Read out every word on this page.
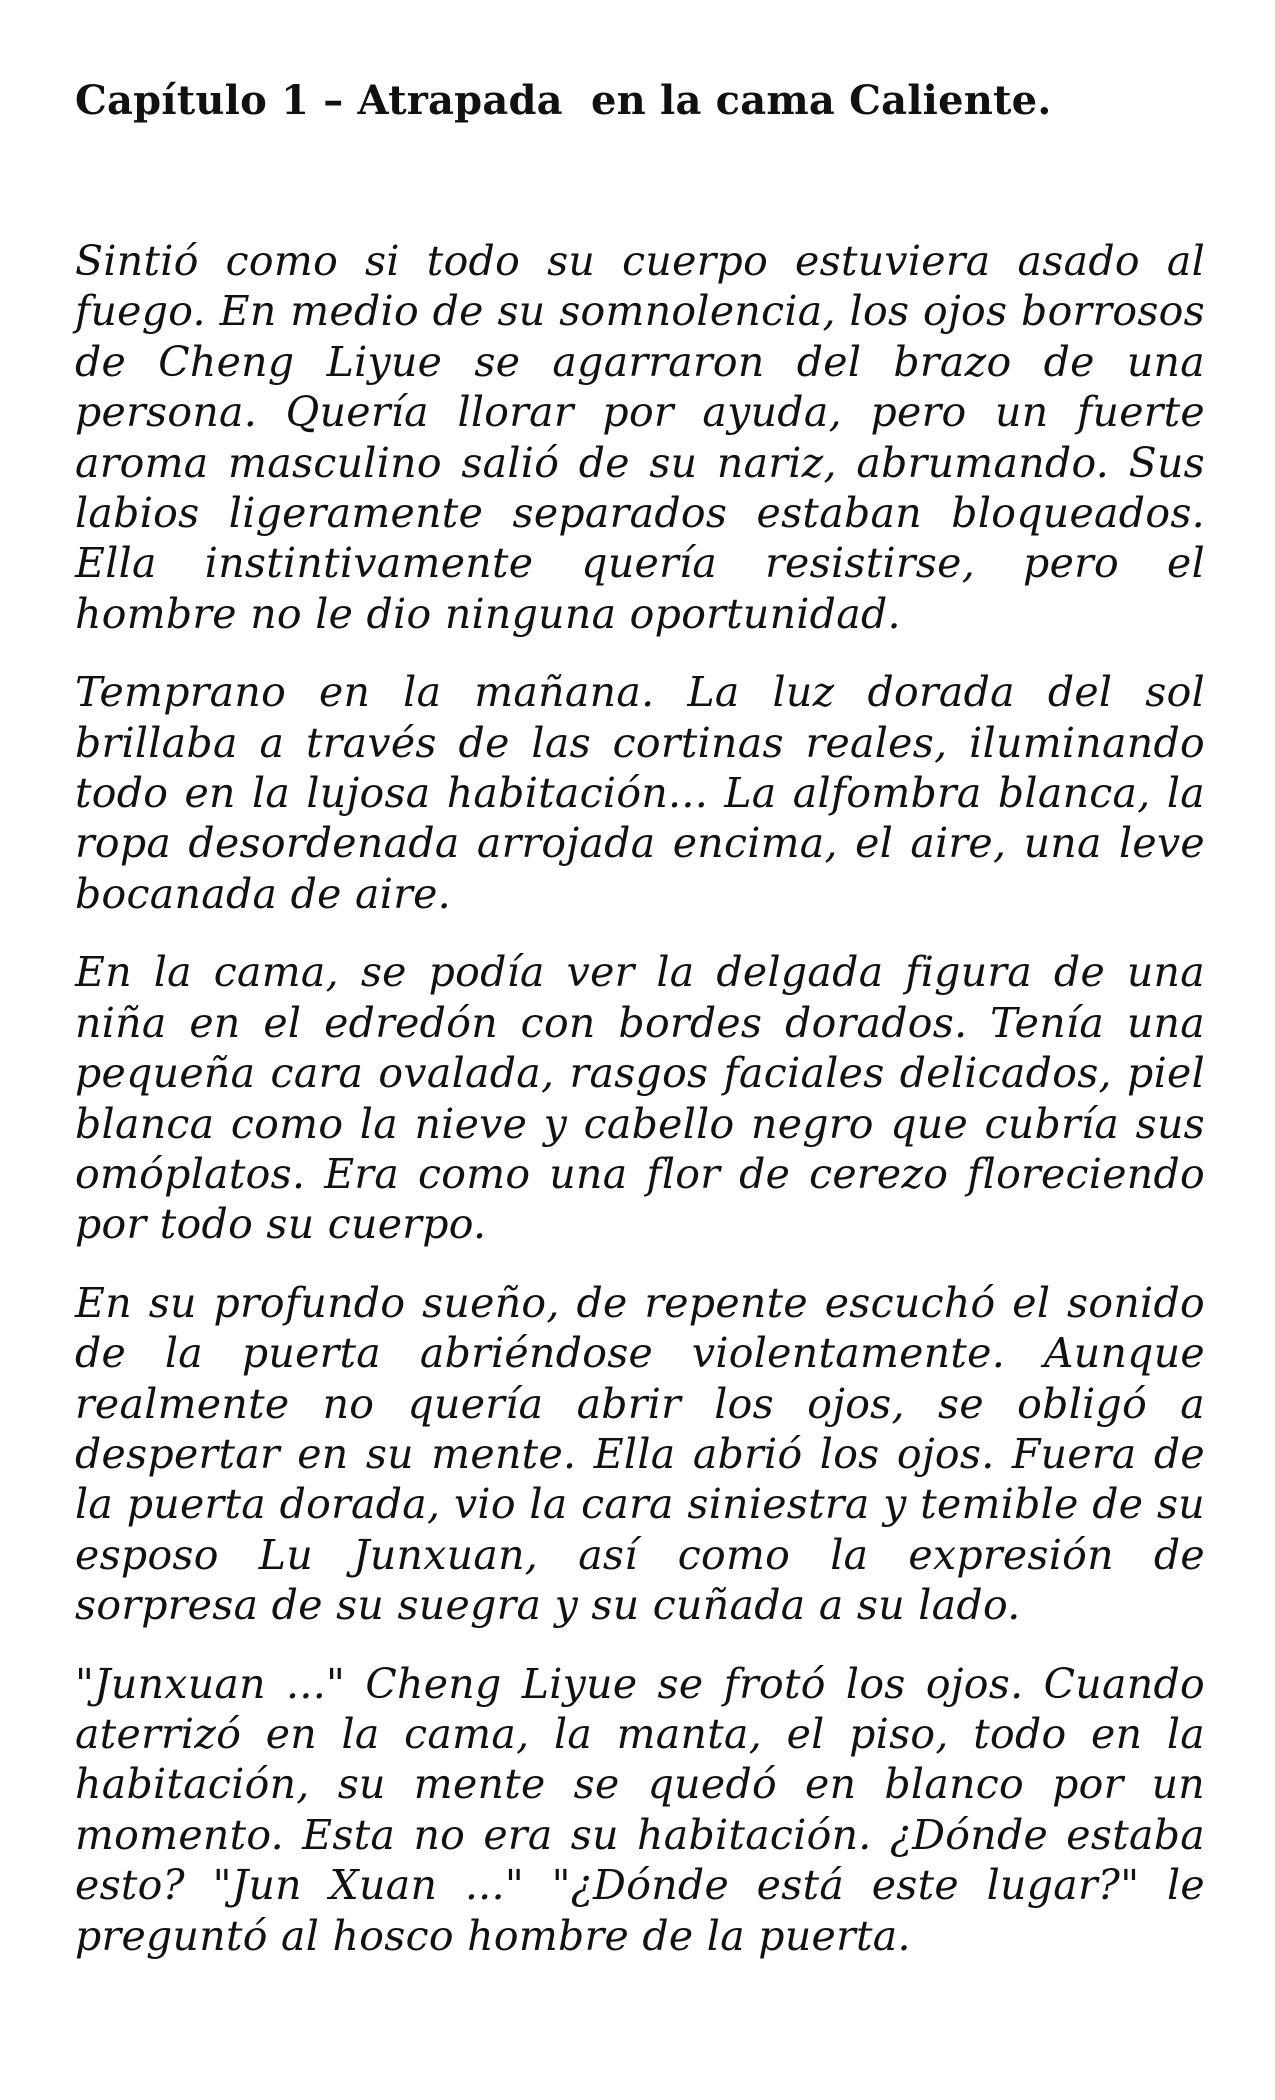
Capítulo 1 – Atrapada  en la cama Caliente.

Sintió como si todo su cuerpo estuviera asado al fuego. En medio de su somnolencia, los ojos borrosos de Cheng Liyue se agarraron del brazo de una persona. Quería llorar por ayuda, pero un fuerte aroma masculino salió de su nariz, abrumando. Sus labios ligeramente separados estaban bloqueados. Ella instintivamente quería resistirse, pero el hombre no le dio ninguna oportunidad.

Temprano en la mañana. La luz dorada del sol brillaba a través de las cortinas reales, iluminando todo en la lujosa habitación... La alfombra blanca, la ropa desordenada arrojada encima, el aire, una leve bocanada de aire.

En la cama, se podía ver la delgada figura de una niña en el edredón con bordes dorados. Tenía una pequeña cara ovalada, rasgos faciales delicados, piel blanca como la nieve y cabello negro que cubría sus omóplatos. Era como una flor de cerezo floreciendo por todo su cuerpo.

En su profundo sueño, de repente escuchó el sonido de la puerta abriéndose violentamente. Aunque realmente no quería abrir los ojos, se obligó a despertar en su mente. Ella abrió los ojos. Fuera de la puerta dorada, vio la cara siniestra y temible de su esposo Lu Junxuan, así como la expresión de sorpresa de su suegra y su cuñada a su lado.

"Junxuan ..." Cheng Liyue se frotó los ojos. Cuando aterrizó en la cama, la manta, el piso, todo en la habitación, su mente se quedó en blanco por un momento. Esta no era su habitación. ¿Dónde estaba esto? "Jun Xuan ..." "¿Dónde está este lugar?" le preguntó al hosco hombre de la puerta.
